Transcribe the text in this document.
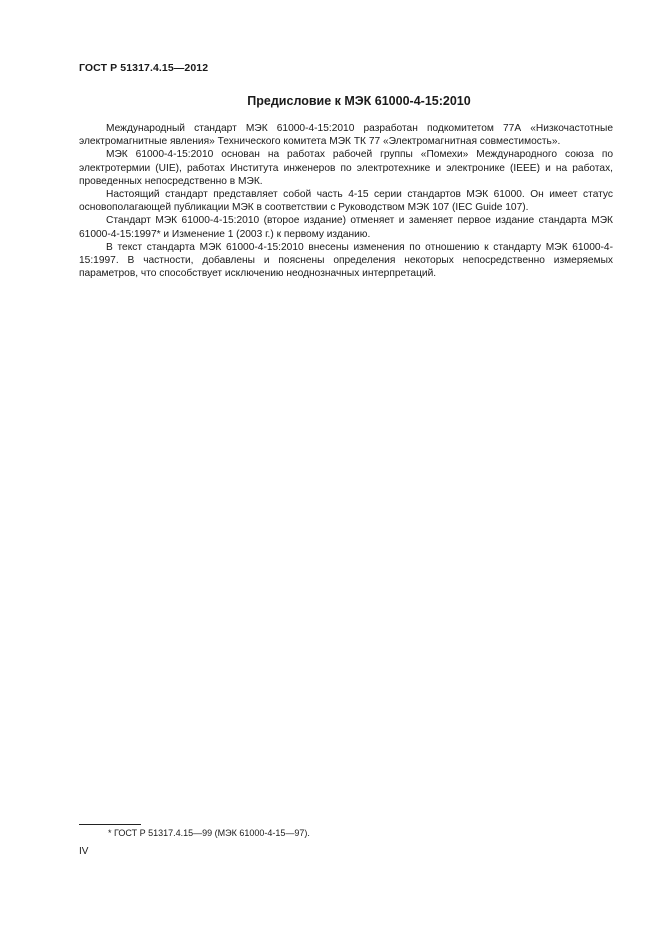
ГОСТ Р 51317.4.15—2012
Предисловие к МЭК 61000-4-15:2010

Международный стандарт МЭК 61000-4-15:2010 разработан подкомитетом 77А «Низкочастотные электромагнитные явления» Технического комитета МЭК ТК 77 «Электромагнитная совместимость».

МЭК 61000-4-15:2010 основан на работах рабочей группы «Помехи» Международного союза по электротермии (UIE), работах Института инженеров по электротехнике и электронике (IEEE) и на работах, проведенных непосредственно в МЭК.

Настоящий стандарт представляет собой часть 4-15 серии стандартов МЭК 61000. Он имеет статус основополагающей публикации МЭК в соответствии с Руководством МЭК 107 (IEC Guide 107).

Стандарт МЭК 61000-4-15:2010 (второе издание) отменяет и заменяет первое издание стандарта МЭК 61000-4-15:1997* и Изменение 1 (2003 г.) к первому изданию.

В текст стандарта МЭК 61000-4-15:2010 внесены изменения по отношению к стандарту МЭК 61000-4-15:1997. В частности, добавлены и пояснены определения некоторых непосредственно измеряемых параметров, что способствует исключению неоднозначных интерпретаций.

* ГОСТ Р 51317.4.15—99 (МЭК 61000-4-15—97).
IV
